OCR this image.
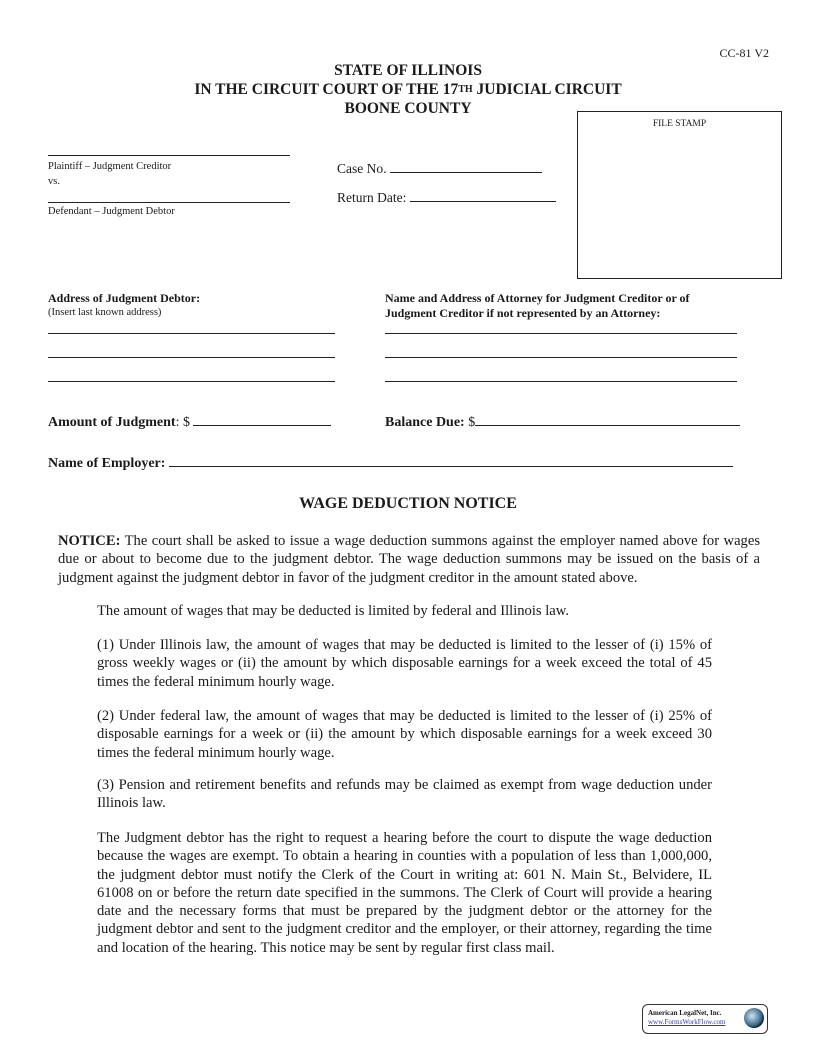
CC-81 V2
STATE OF ILLINOIS
IN THE CIRCUIT COURT OF THE 17TH JUDICIAL CIRCUIT
BOONE COUNTY
FILE STAMP
Plaintiff – Judgment Creditor
vs.
Defendant – Judgment Debtor
Case No.
Return Date:
Address of Judgment Debtor:
(Insert last known address)
Name and Address of Attorney for Judgment Creditor or of
Judgment Creditor if not represented by an Attorney:
Amount of Judgment: $	Balance Due: $
Name of Employer:
WAGE DEDUCTION NOTICE
NOTICE: The court shall be asked to issue a wage deduction summons against the employer named above for wages due or about to become due to the judgment debtor. The wage deduction summons may be issued on the basis of a judgment against the judgment debtor in favor of the judgment creditor in the amount stated above.
The amount of wages that may be deducted is limited by federal and Illinois law.
(1) Under Illinois law, the amount of wages that may be deducted is limited to the lesser of (i) 15% of gross weekly wages or (ii) the amount by which disposable earnings for a week exceed the total of 45 times the federal minimum hourly wage.
(2) Under federal law, the amount of wages that may be deducted is limited to the lesser of (i) 25% of disposable earnings for a week or (ii) the amount by which disposable earnings for a week exceed 30 times the federal minimum hourly wage.
(3) Pension and retirement benefits and refunds may be claimed as exempt from wage deduction under Illinois law.
The Judgment debtor has the right to request a hearing before the court to dispute the wage deduction because the wages are exempt. To obtain a hearing in counties with a population of less than 1,000,000, the judgment debtor must notify the Clerk of the Court in writing at: 601 N. Main St., Belvidere, IL 61008 on or before the return date specified in the summons. The Clerk of Court will provide a hearing date and the necessary forms that must be prepared by the judgment debtor or the attorney for the judgment debtor and sent to the judgment creditor and the employer, or their attorney, regarding the time and location of the hearing. This notice may be sent by regular first class mail.
American LegalNet, Inc.
www.FormsWorkFlow.com
